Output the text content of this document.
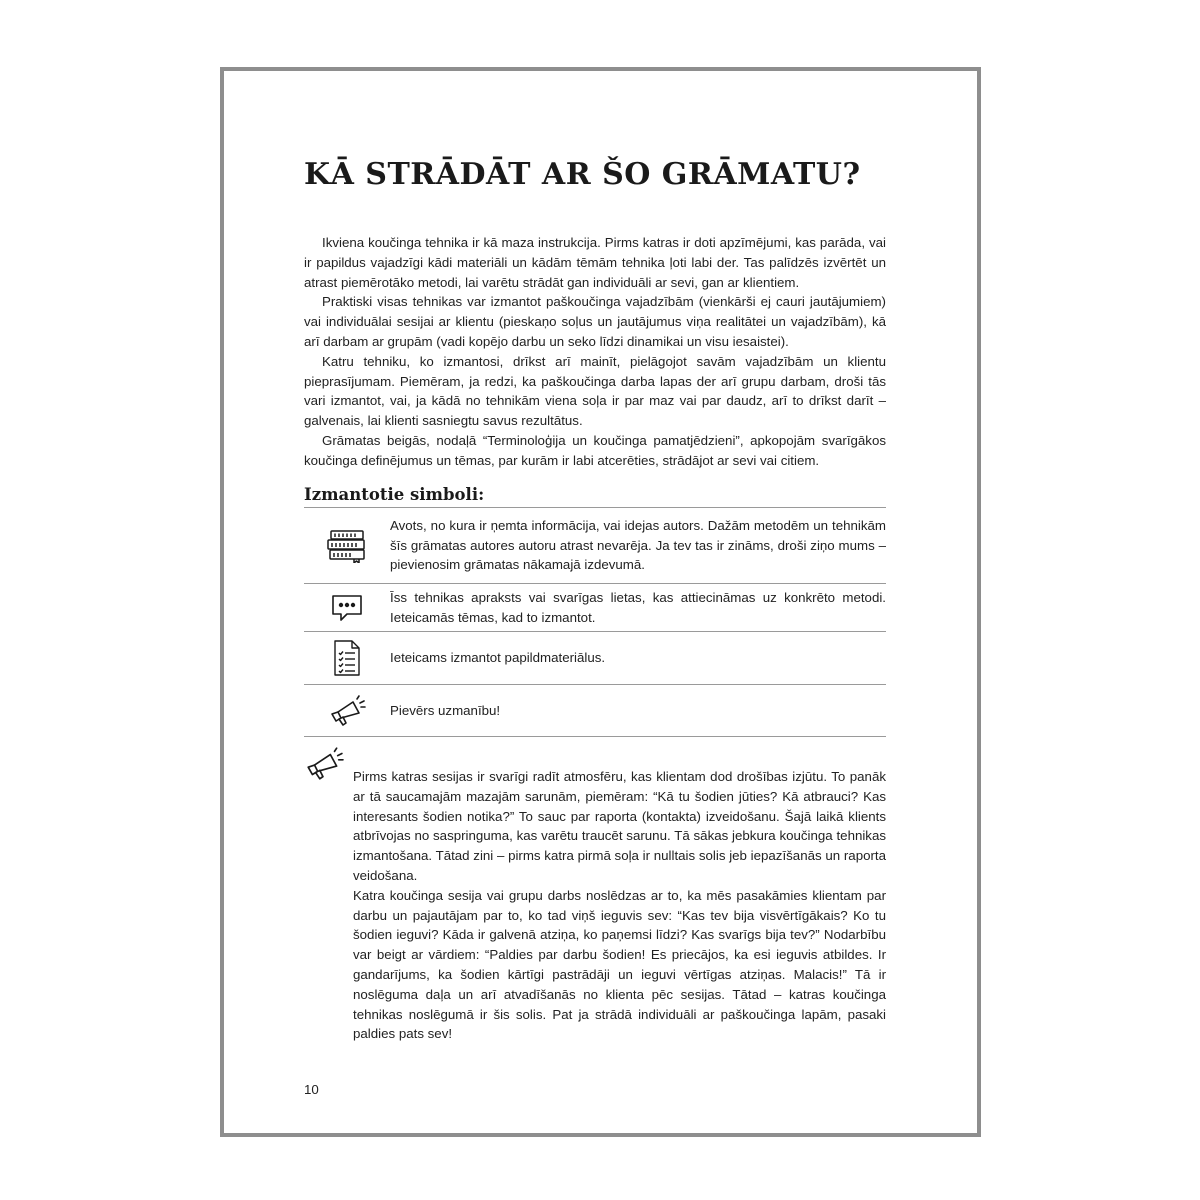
KĀ STRĀDĀT AR ŠO GRĀMATU?

Ikviena koučinga tehnika ir kā maza instrukcija. Pirms katras ir doti apzīmējumi, kas parāda, vai ir papildus vajadzīgi kādi materiāli un kādām tēmām tehnika ļoti labi der. Tas palīdzēs izvērtēt un atrast piemērotāko metodi, lai varētu strādāt gan individuāli ar sevi, gan ar klientiem.

Praktiski visas tehnikas var izmantot paškoučinga vajadzībām (vienkārši ej cauri jautājumiem) vai individuālai sesijai ar klientu (pieskaņo soļus un jautājumus viņa realitātei un vajadzībām), kā arī darbam ar grupām (vadi kopējo darbu un seko līdzi dinamikai un visu iesaistei).

Katru tehniku, ko izmantosi, drīkst arī mainīt, pielāgojot savām vajadzībām un klientu pieprasījumam. Piemēram, ja redzi, ka paškoučinga darba lapas der arī grupu darbam, droši tās vari izmantot, vai, ja kādā no tehnikām viena soļa ir par maz vai par daudz, arī to drīkst darīt – galvenais, lai klienti sasniegtu savus rezultātus.

Grāmatas beigās, nodaļā “Terminoloģija un koučinga pamatjēdzieni”, apkopojām svarīgākos koučinga definējumus un tēmas, par kurām ir labi atcerēties, strādājot ar sevi vai citiem.

Izmantotie simboli:
Avots, no kura ir ņemta informācija, vai idejas autors. Dažām metodēm un tehnikām šīs grāmatas autores autoru atrast nevarēja. Ja tev tas ir zināms, droši ziņo mums – pievienosim grāmatas nākamajā izdevumā.
Īss tehnikas apraksts vai svarīgas lietas, kas attiecināmas uz konkrēto metodi. Ieteicamās tēmas, kad to izmantot.
Ieteicams izmantot papildmateriālus.
Pievērs uzmanību!

Pirms katras sesijas ir svarīgi radīt atmosfēru, kas klientam dod drošības izjūtu. To panāk ar tā saucamajām mazajām sarunām, piemēram: “Kā tu šodien jūties? Kā atbrauci? Kas interesants šodien notika?” To sauc par raporta (kontakta) izveidošanu. Šajā laikā klients atbrīvojas no saspringuma, kas varētu traucēt sarunu. Tā sākas jebkura koučinga tehnikas izmantošana. Tātad zini – pirms katra pirmā soļa ir nulltais solis jeb iepazīšanās un raporta veidošana.

Katra koučinga sesija vai grupu darbs noslēdzas ar to, ka mēs pasakāmies klientam par darbu un pajautājam par to, ko tad viņš ieguvis sev: “Kas tev bija visvērtīgākais? Ko tu šodien ieguvi? Kāda ir galvenā atziņa, ko paņemsi līdzi? Kas svarīgs bija tev?” Nodarbību var beigt ar vārdiem: “Paldies par darbu šodien! Es priecājos, ka esi ieguvis atbildes. Ir gandarījums, ka šodien kārtīgi pastrādāji un ieguvi vērtīgas atziņas. Malacis!” Tā ir noslēguma daļa un arī atvadīšanās no klienta pēc sesijas. Tātad – katras koučinga tehnikas noslēgumā ir šis solis. Pat ja strādā individuāli ar paškoučinga lapām, pasaki paldies pats sev!

10
